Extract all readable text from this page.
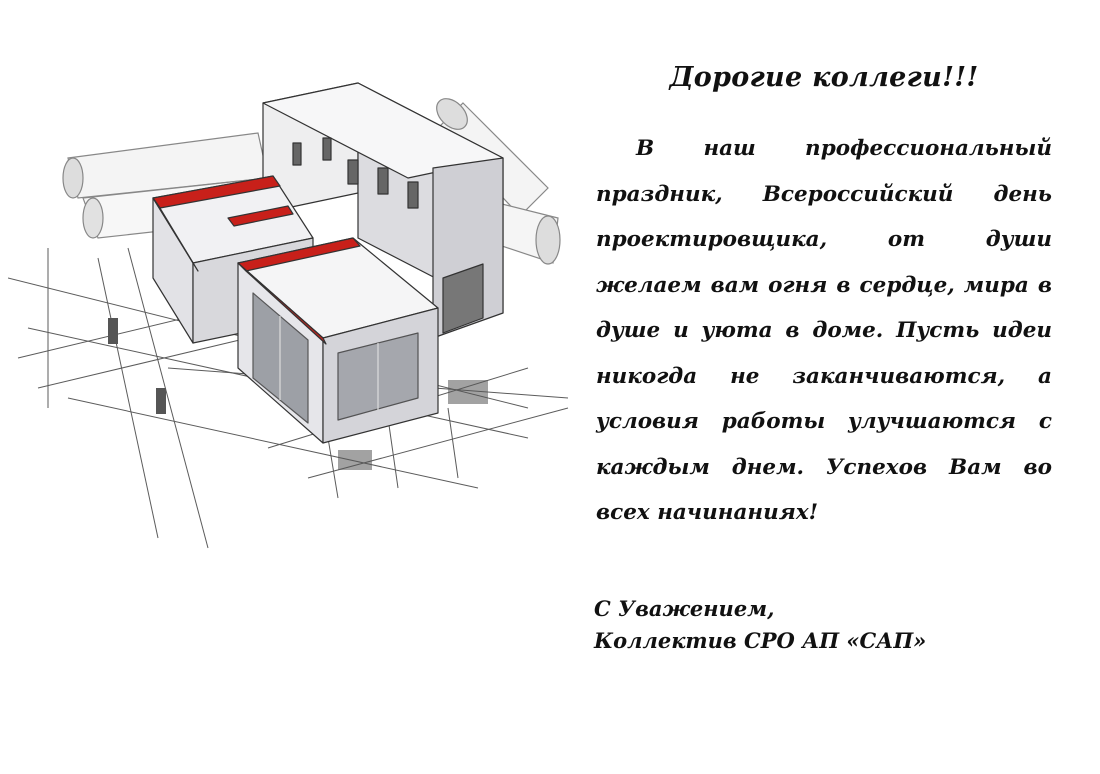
Дорогие коллеги!!!

В наш профессиональный праздник, Всероссийский день проектировщика, от души желаем вам огня в сердце, мира в душе и уюта в доме. Пусть идеи никогда не заканчиваются, а условия работы улучшаются с каждым днем. Успехов Вам во всех начинаниях!

С Уважением,
Коллектив СРО АП «САП»
